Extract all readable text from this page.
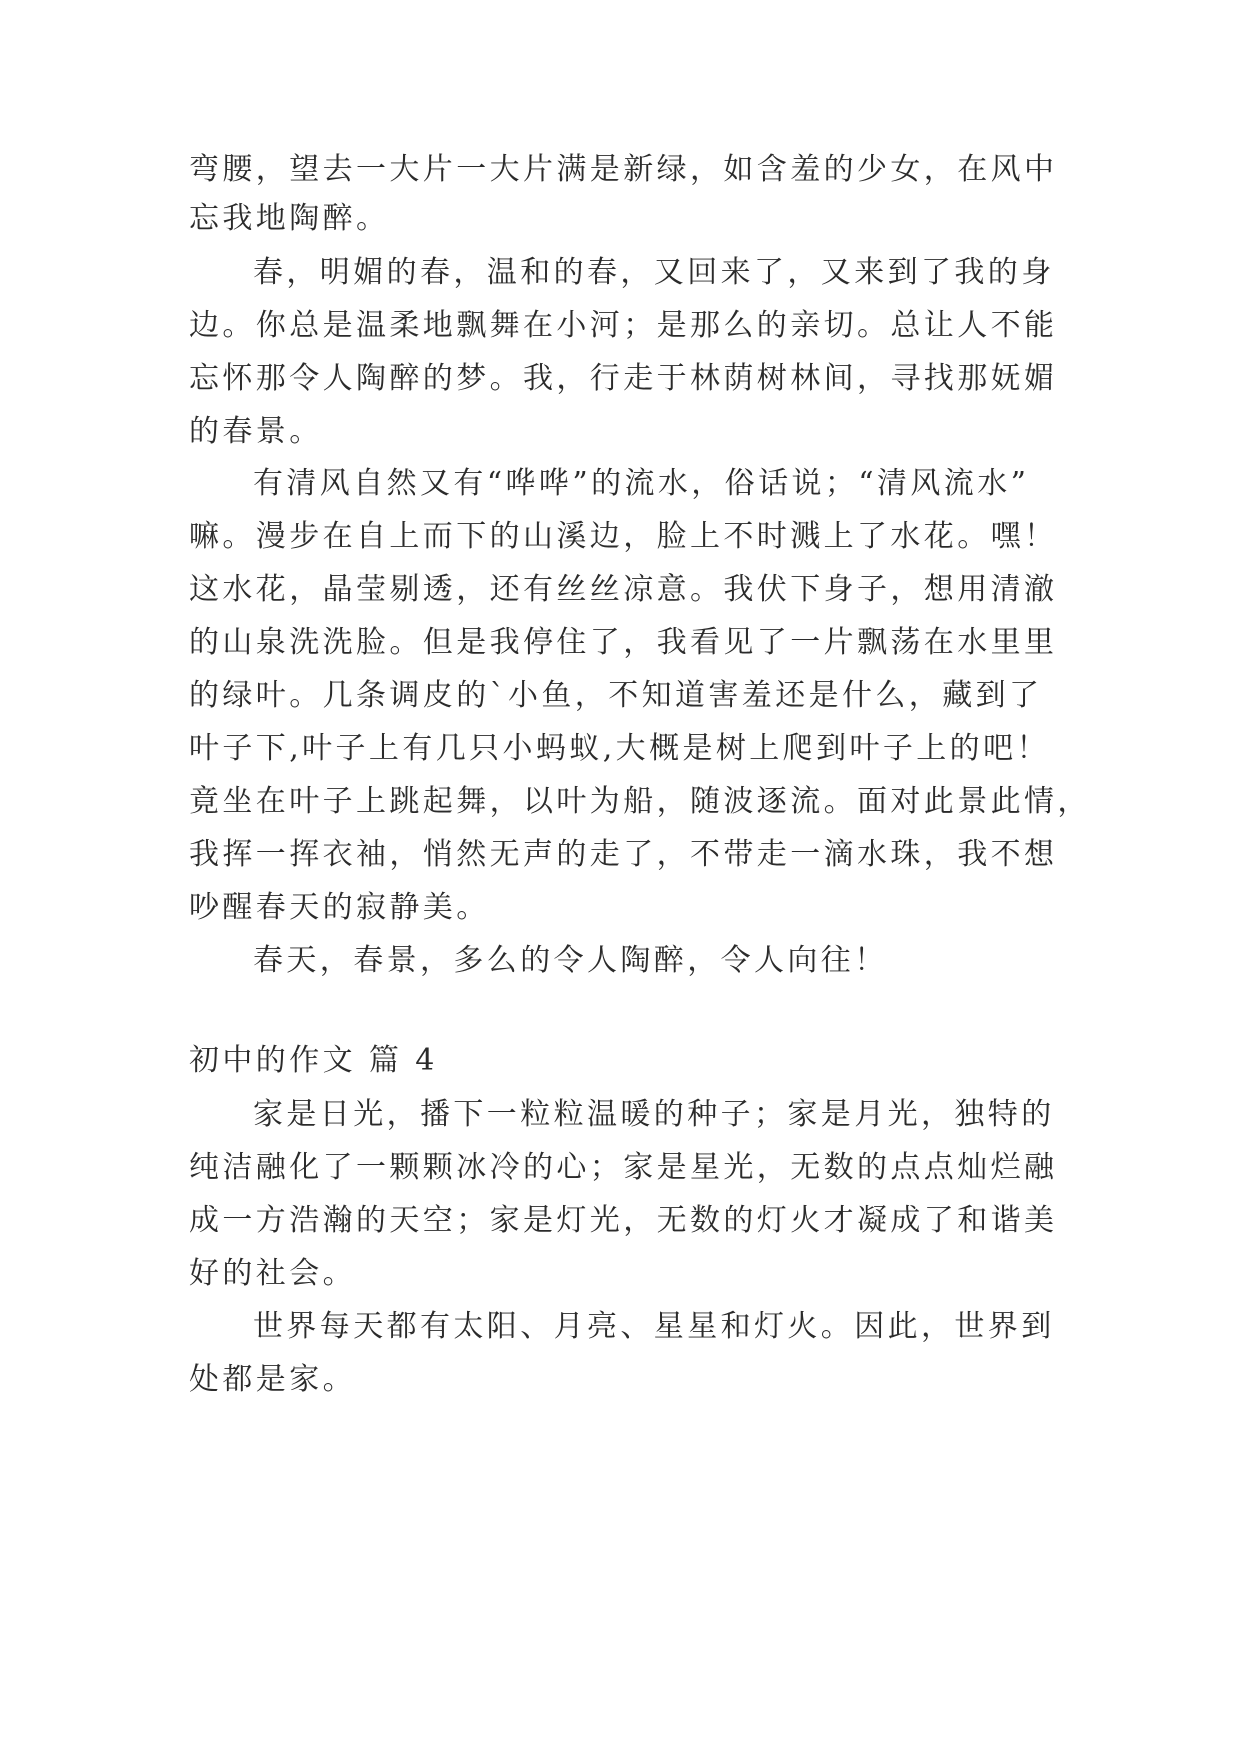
弯腰，望去一大片一大片满是新绿，如含羞的少女，在风中
忘我地陶醉。
春，明媚的春，温和的春，又回来了，又来到了我的身
边。你总是温柔地飘舞在小河；是那么的亲切。总让人不能
忘怀那令人陶醉的梦。我，行走于林荫树林间，寻找那妩媚
的春景。
有清风自然又有“哗哗”的流水，俗话说；“清风流水”
嘛。漫步在自上而下的山溪边，脸上不时溅上了水花。嘿！
这水花，晶莹剔透，还有丝丝凉意。我伏下身子，想用清澈
的山泉洗洗脸。但是我停住了，我看见了一片飘荡在水里里
的绿叶。几条调皮的`小鱼，不知道害羞还是什么，藏到了
叶子下,叶子上有几只小蚂蚁,大概是树上爬到叶子上的吧！
竟坐在叶子上跳起舞，以叶为船，随波逐流。面对此景此情，
我挥一挥衣袖，悄然无声的走了，不带走一滴水珠，我不想
吵醒春天的寂静美。
春天，春景，多么的令人陶醉，令人向往！
初中的作文 篇 4
家是日光，播下一粒粒温暖的种子；家是月光，独特的
纯洁融化了一颗颗冰冷的心；家是星光，无数的点点灿烂融
成一方浩瀚的天空；家是灯光，无数的灯火才凝成了和谐美
好的社会。
世界每天都有太阳、月亮、星星和灯火。因此，世界到
处都是家。
